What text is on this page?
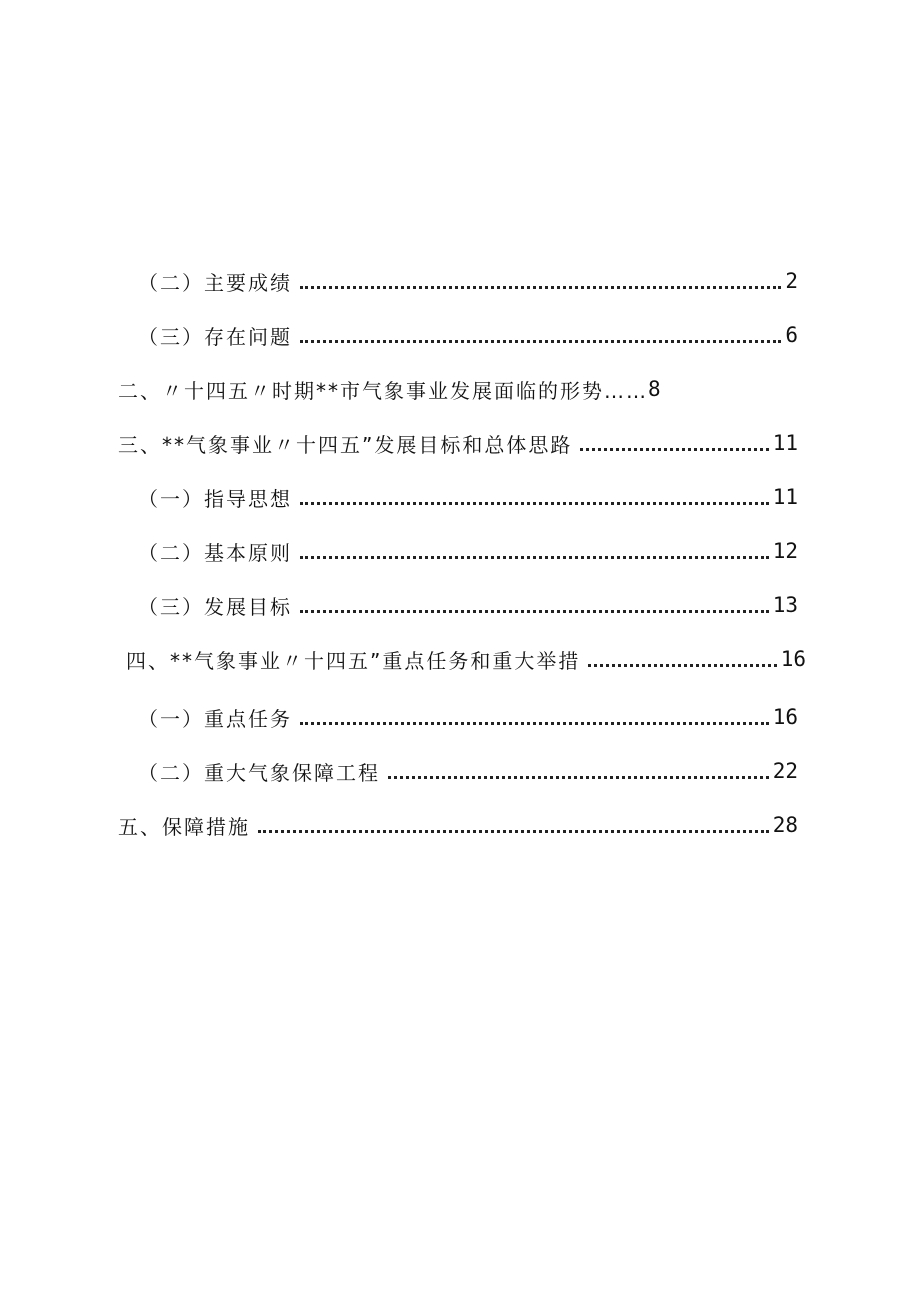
（二）主要成绩	2
（三）存在问题	6
二、〃十四五〃时期**市气象事业发展面临的形势…… 8
三、**气象事业〃十四五”发展目标和总体思路	11
（一）指导思想	11
（二）基本原则	12
（三）发展目标	13
四、**气象事业〃十四五”重点任务和重大举措	16
（一）重点任务	16
（二）重大气象保障工程	22
五、保障措施	28
